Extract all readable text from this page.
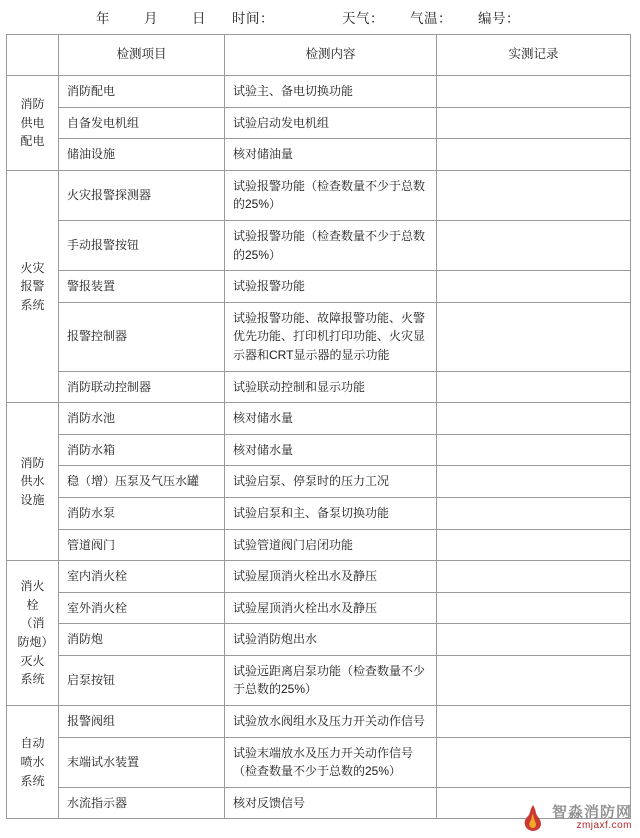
年	月	日 时间：	天气： 气温： 编号：
	检测项目	检测内容	实测记录
消防供电配电	消防配电	试验主、备电切换功能	
	自备发电机组	试验启动发电机组	
	储油设施	核对储油量	
火灾报警系统	火灾报警探测器	试验报警功能（检查数量不少于总数的25%）	
	手动报警按钮	试验报警功能（检查数量不少于总数的25%）	
	警报装置	试验报警功能	
	报警控制器	试验报警功能、故障报警功能、火警优先功能、打印机打印功能、火灾显示器和CRT显示器的显示功能	
	消防联动控制器	试验联动控制和显示功能	
消防供水设施	消防水池	核对储水量	
	消防水箱	核对储水量	
	稳（增）压泵及气压水罐	试验启泵、停泵时的压力工况	
	消防水泵	试验启泵和主、备泵切换功能	
	管道阀门	试验管道阀门启闭功能	
消火栓（消防炮）灭火系统	室内消火栓	试验屋顶消火栓出水及静压	
	室外消火栓	试验屋顶消火栓出水及静压	
	消防炮	试验消防炮出水	
	启泵按钮	试验远距离启泵功能（检查数量不少于总数的25%）	
自动喷水系统	报警阀组	试验放水阀组水及压力开关动作信号	
	末端试水装置	试验末端放水及压力开关动作信号（检查数量不少于总数的25%）	
	水流指示器	核对反馈信号	
智淼消防网
zmjaxf.com
